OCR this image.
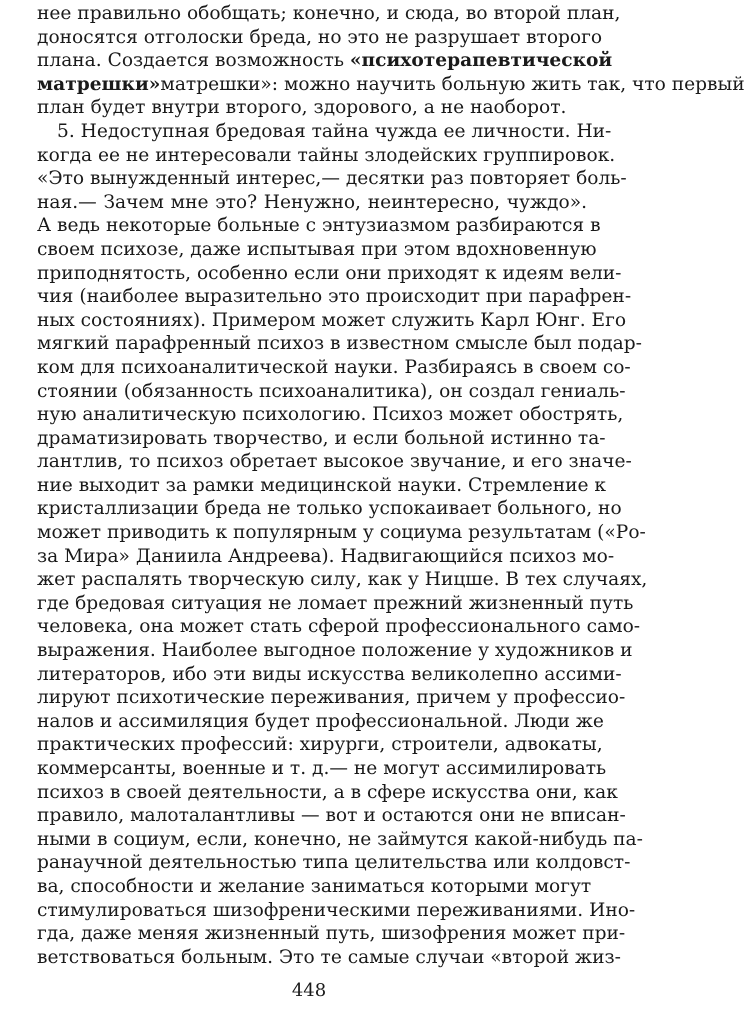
нее правильно обобщать; конечно, и сюда, во второй план,
доносятся отголоски бреда, но это не разрушает второго
плана. Создается возможность «психотерапевтической
матрешки»матрешки»: можно научить больную жить так, что первый
план будет внутри второго, здорового, а не наоборот.
5. Недоступная бредовая тайна чужда ее личности. Ни-
когда ее не интересовали тайны злодейских группировок.
«Это вынужденный интерес,— десятки раз повторяет боль-
ная.— Зачем мне это? Ненужно, неинтересно, чуждо».
А ведь некоторые больные с энтузиазмом разбираются в
своем психозе, даже испытывая при этом вдохновенную
приподнятость, особенно если они приходят к идеям вели-
чия (наиболее выразительно это происходит при парафрен-
ных состояниях). Примером может служить Карл Юнг. Его
мягкий парафренный психоз в известном смысле был подар-
ком для психоаналитической науки. Разбираясь в своем со-
стоянии (обязанность психоаналитика), он создал гениаль-
ную аналитическую психологию. Психоз может обострять,
драматизировать творчество, и если больной истинно та-
лантлив, то психоз обретает высокое звучание, и его значе-
ние выходит за рамки медицинской науки. Стремление к
кристаллизации бреда не только успокаивает больного, но
может приводить к популярным у социума результатам («Ро-
за Мира» Даниила Андреева). Надвигающийся психоз мо-
жет распалять творческую силу, как у Ницше. В тех случаях,
где бредовая ситуация не ломает прежний жизненный путь
человека, она может стать сферой профессионального само-
выражения. Наиболее выгодное положение у художников и
литераторов, ибо эти виды искусства великолепно ассими-
лируют психотические переживания, причем у профессио-
налов и ассимиляция будет профессиональной. Люди же
практических профессий: хирурги, строители, адвокаты,
коммерсанты, военные и т. д.— не могут ассимилировать
психоз в своей деятельности, а в сфере искусства они, как
правило, малоталантливы — вот и остаются они не вписан-
ными в социум, если, конечно, не займутся какой-нибудь па-
ранаучной деятельностью типа целительства или колдовст-
ва, способности и желание заниматься которыми могут
стимулироваться шизофреническими переживаниями. Ино-
гда, даже меняя жизненный путь, шизофрения может при-
ветствоваться больным. Это те самые случаи «второй жиз-
448
